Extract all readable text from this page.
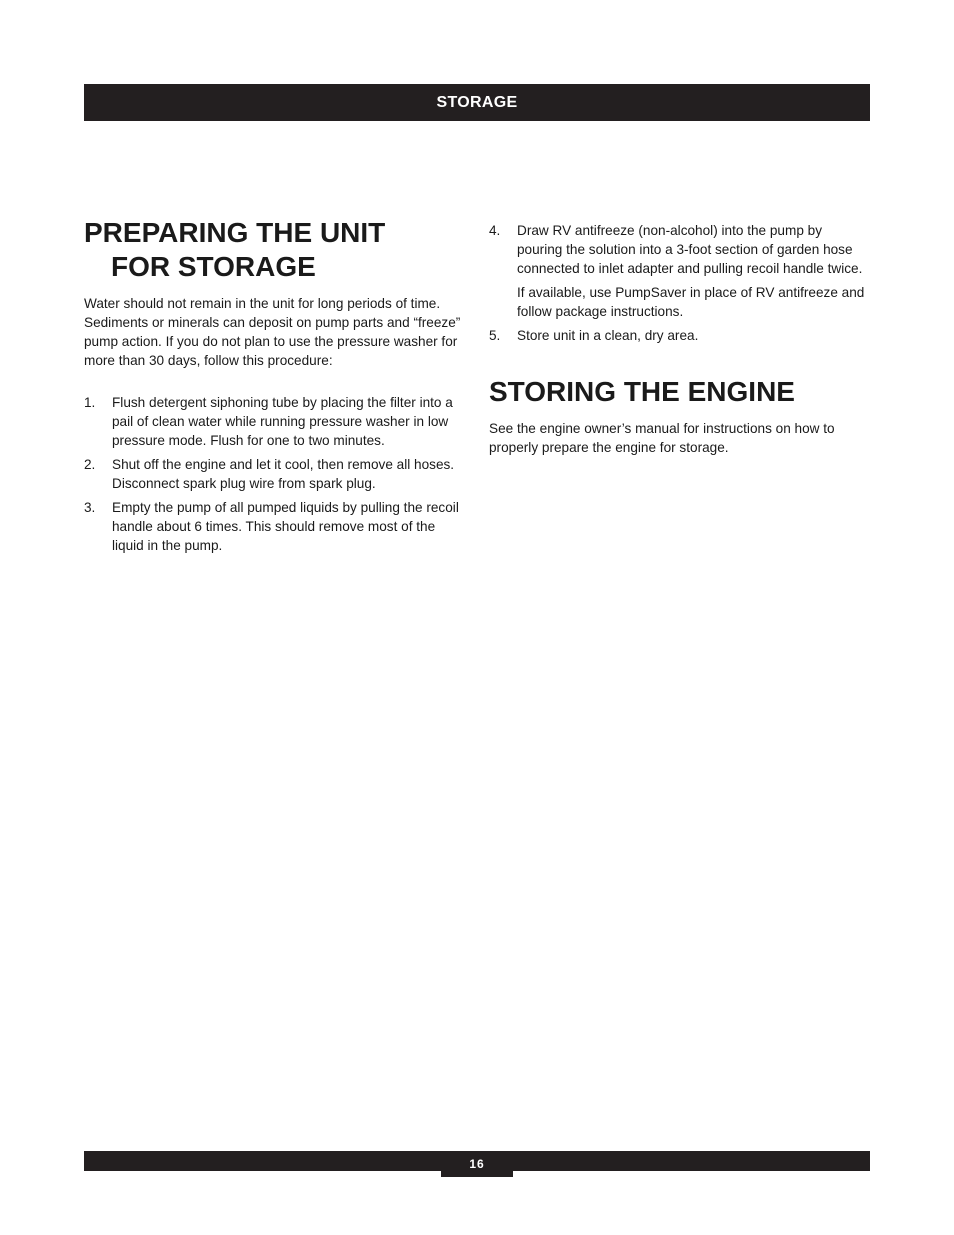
STORAGE
PREPARING THE UNIT
FOR STORAGE

Water should not remain in the unit for long periods of time. Sediments or minerals can deposit on pump parts and “freeze” pump action. If you do not plan to use the pressure washer for more than 30 days, follow this procedure:

1. Flush detergent siphoning tube by placing the filter into a pail of clean water while running pressure washer in low pressure mode. Flush for one to two minutes.
2. Shut off the engine and let it cool, then remove all hoses. Disconnect spark plug wire from spark plug.
3. Empty the pump of all pumped liquids by pulling the recoil handle about 6 times. This should remove most of the liquid in the pump.
4. Draw RV antifreeze (non-alcohol) into the pump by pouring the solution into a 3-foot section of garden hose connected to inlet adapter and pulling recoil handle twice.
If available, use PumpSaver in place of RV antifreeze and follow package instructions.
5. Store unit in a clean, dry area.
STORING THE ENGINE

See the engine owner’s manual for instructions on how to properly prepare the engine for storage.

16
